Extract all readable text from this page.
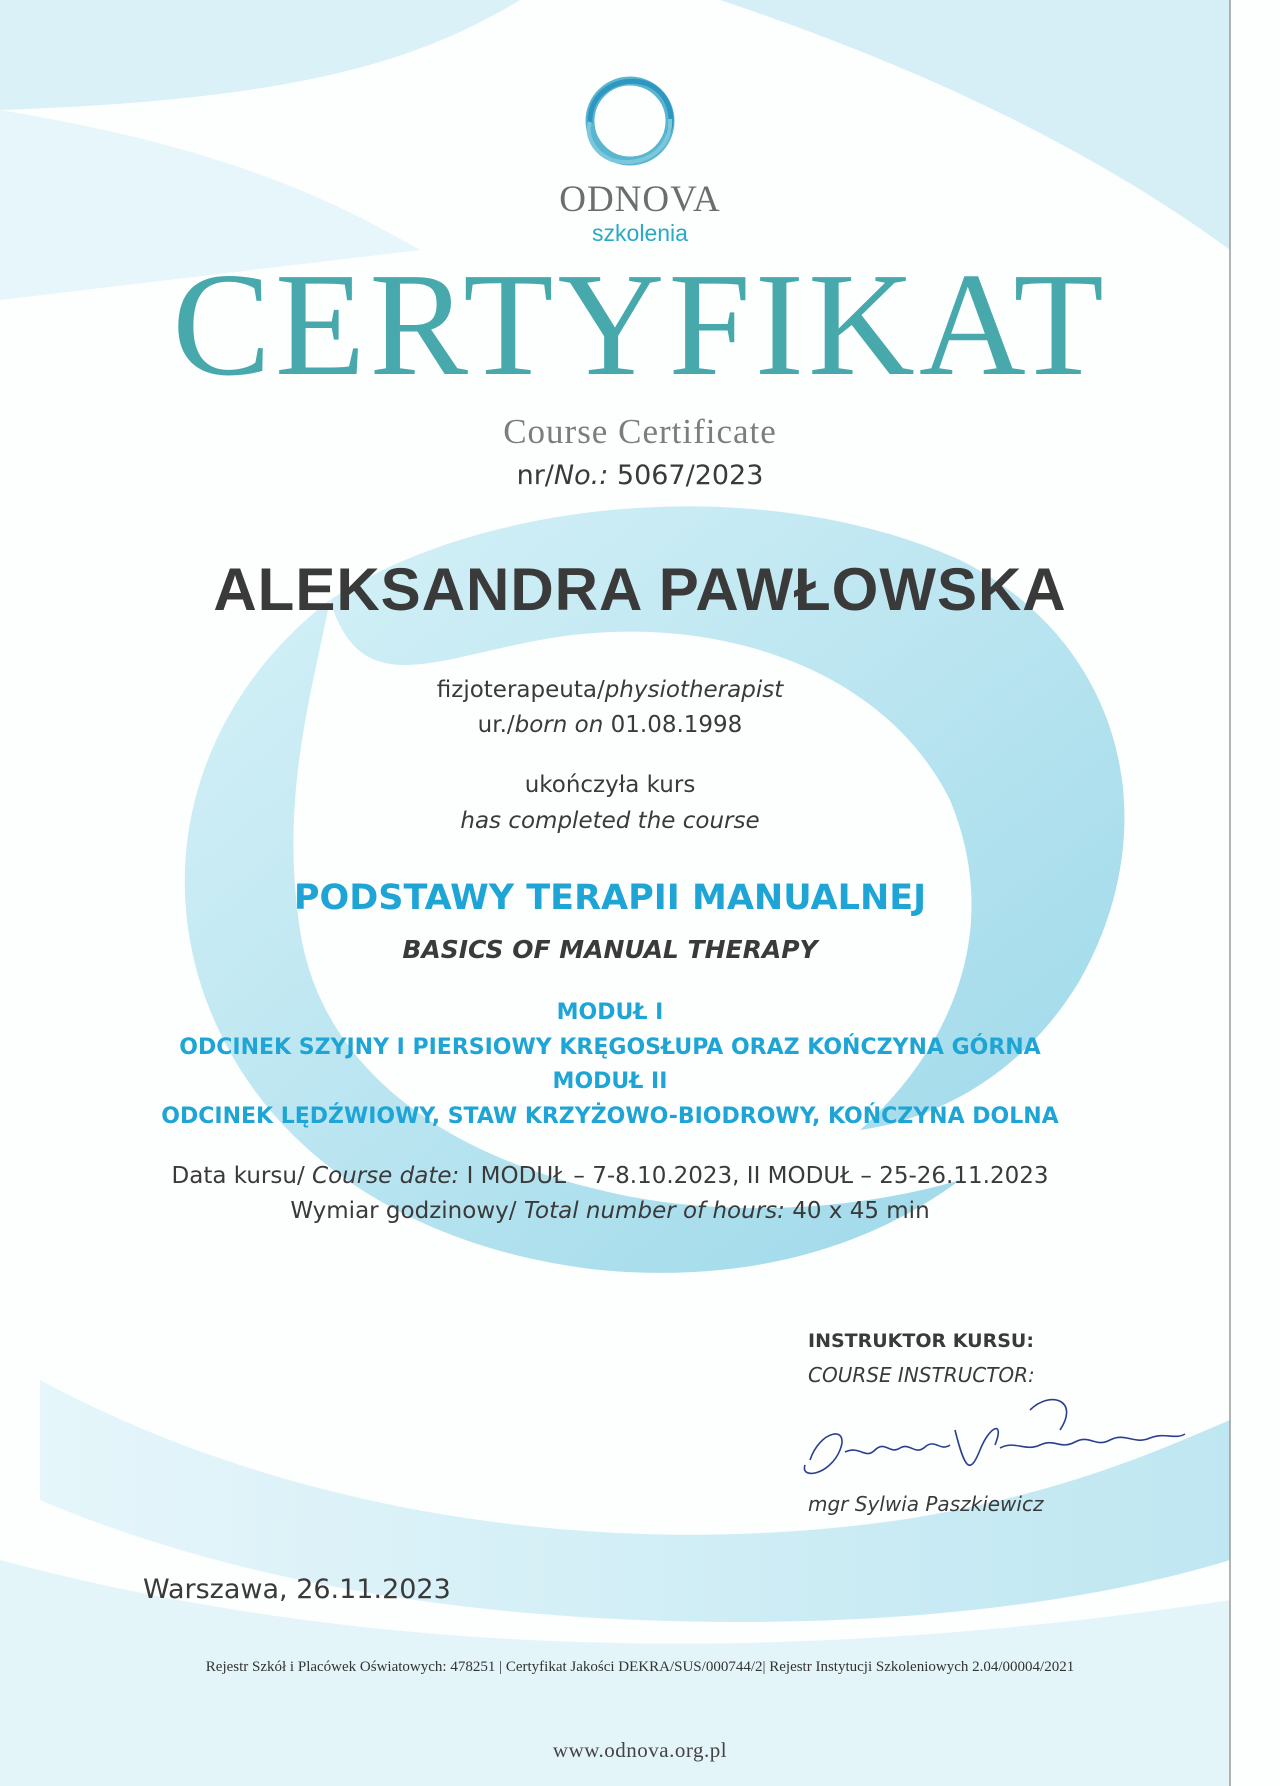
ODNOVA
szkolenia
CERTYFIKAT
Course Certificate
nr/No.: 5067/2023
ALEKSANDRA PAWŁOWSKA
fizjoterapeuta/physiotherapist
ur./born on 01.08.1998
ukończyła kurs
has completed the course
PODSTAWY TERAPII MANUALNEJ
BASICS OF MANUAL THERAPY
MODUŁ I
ODCINEK SZYJNY I PIERSIOWY KRĘGOSŁUPA ORAZ KOŃCZYNA GÓRNA
MODUŁ II
ODCINEK LĘDŹWIOWY, STAW KRZYŻOWO-BIODROWY, KOŃCZYNA DOLNA
Data kursu/ Course date: I MODUŁ – 7-8.10.2023, II MODUŁ – 25-26.11.2023
Wymiar godzinowy/ Total number of hours: 40 x 45 min
INSTRUKTOR KURSU:
COURSE INSTRUCTOR:
mgr Sylwia Paszkiewicz
Warszawa, 26.11.2023
Rejestr Szkół i Placówek Oświatowych: 478251 | Certyfikat Jakości DEKRA/SUS/000744/2| Rejestr Instytucji Szkoleniowych 2.04/00004/2021
www.odnova.org.pl
